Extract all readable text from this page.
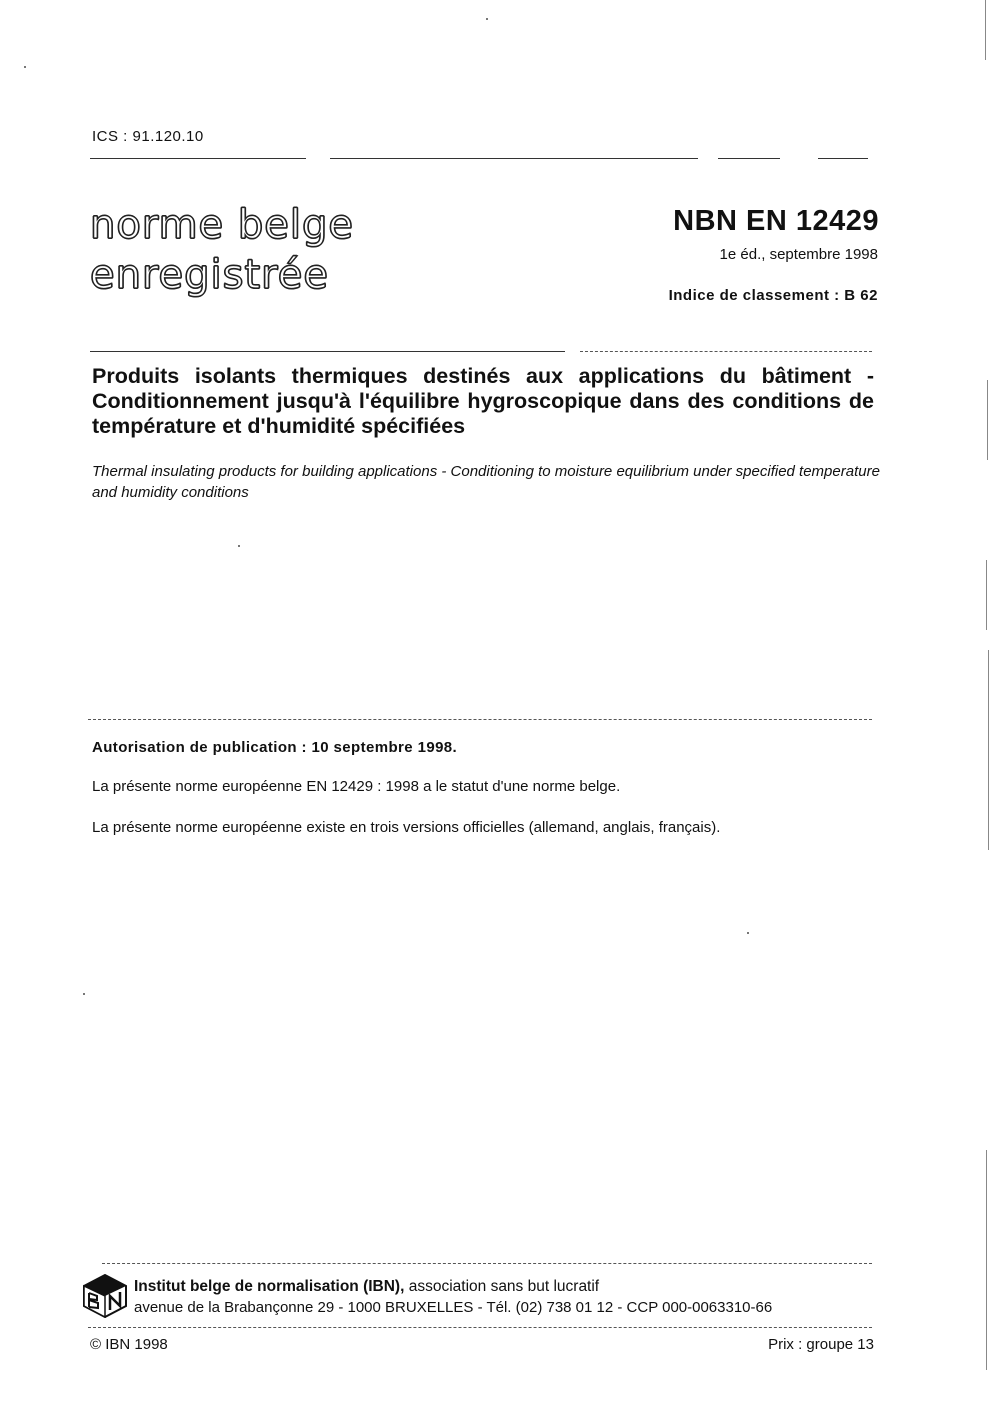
ICS : 91.120.10
norme belge
enregistrée
NBN EN 12429
1e éd., septembre 1998
Indice de classement : B 62
Produits isolants thermiques destinés aux applications du bâtiment - Conditionnement jusqu'à l'équilibre hygroscopique dans des conditions de température et d'humidité spécifiées
Thermal insulating products for building applications - Conditioning to moisture equilibrium under specified temperature and humidity conditions
Autorisation de publication : 10 septembre 1998.
La présente norme européenne EN 12429 : 1998 a le statut d'une norme belge.
La présente norme européenne existe en trois versions officielles (allemand, anglais, français).
Institut belge de normalisation (IBN), association sans but lucratif
avenue de la Brabançonne 29 - 1000 BRUXELLES - Tél. (02) 738 01 12 - CCP 000-0063310-66
© IBN 1998	Prix : groupe 13
